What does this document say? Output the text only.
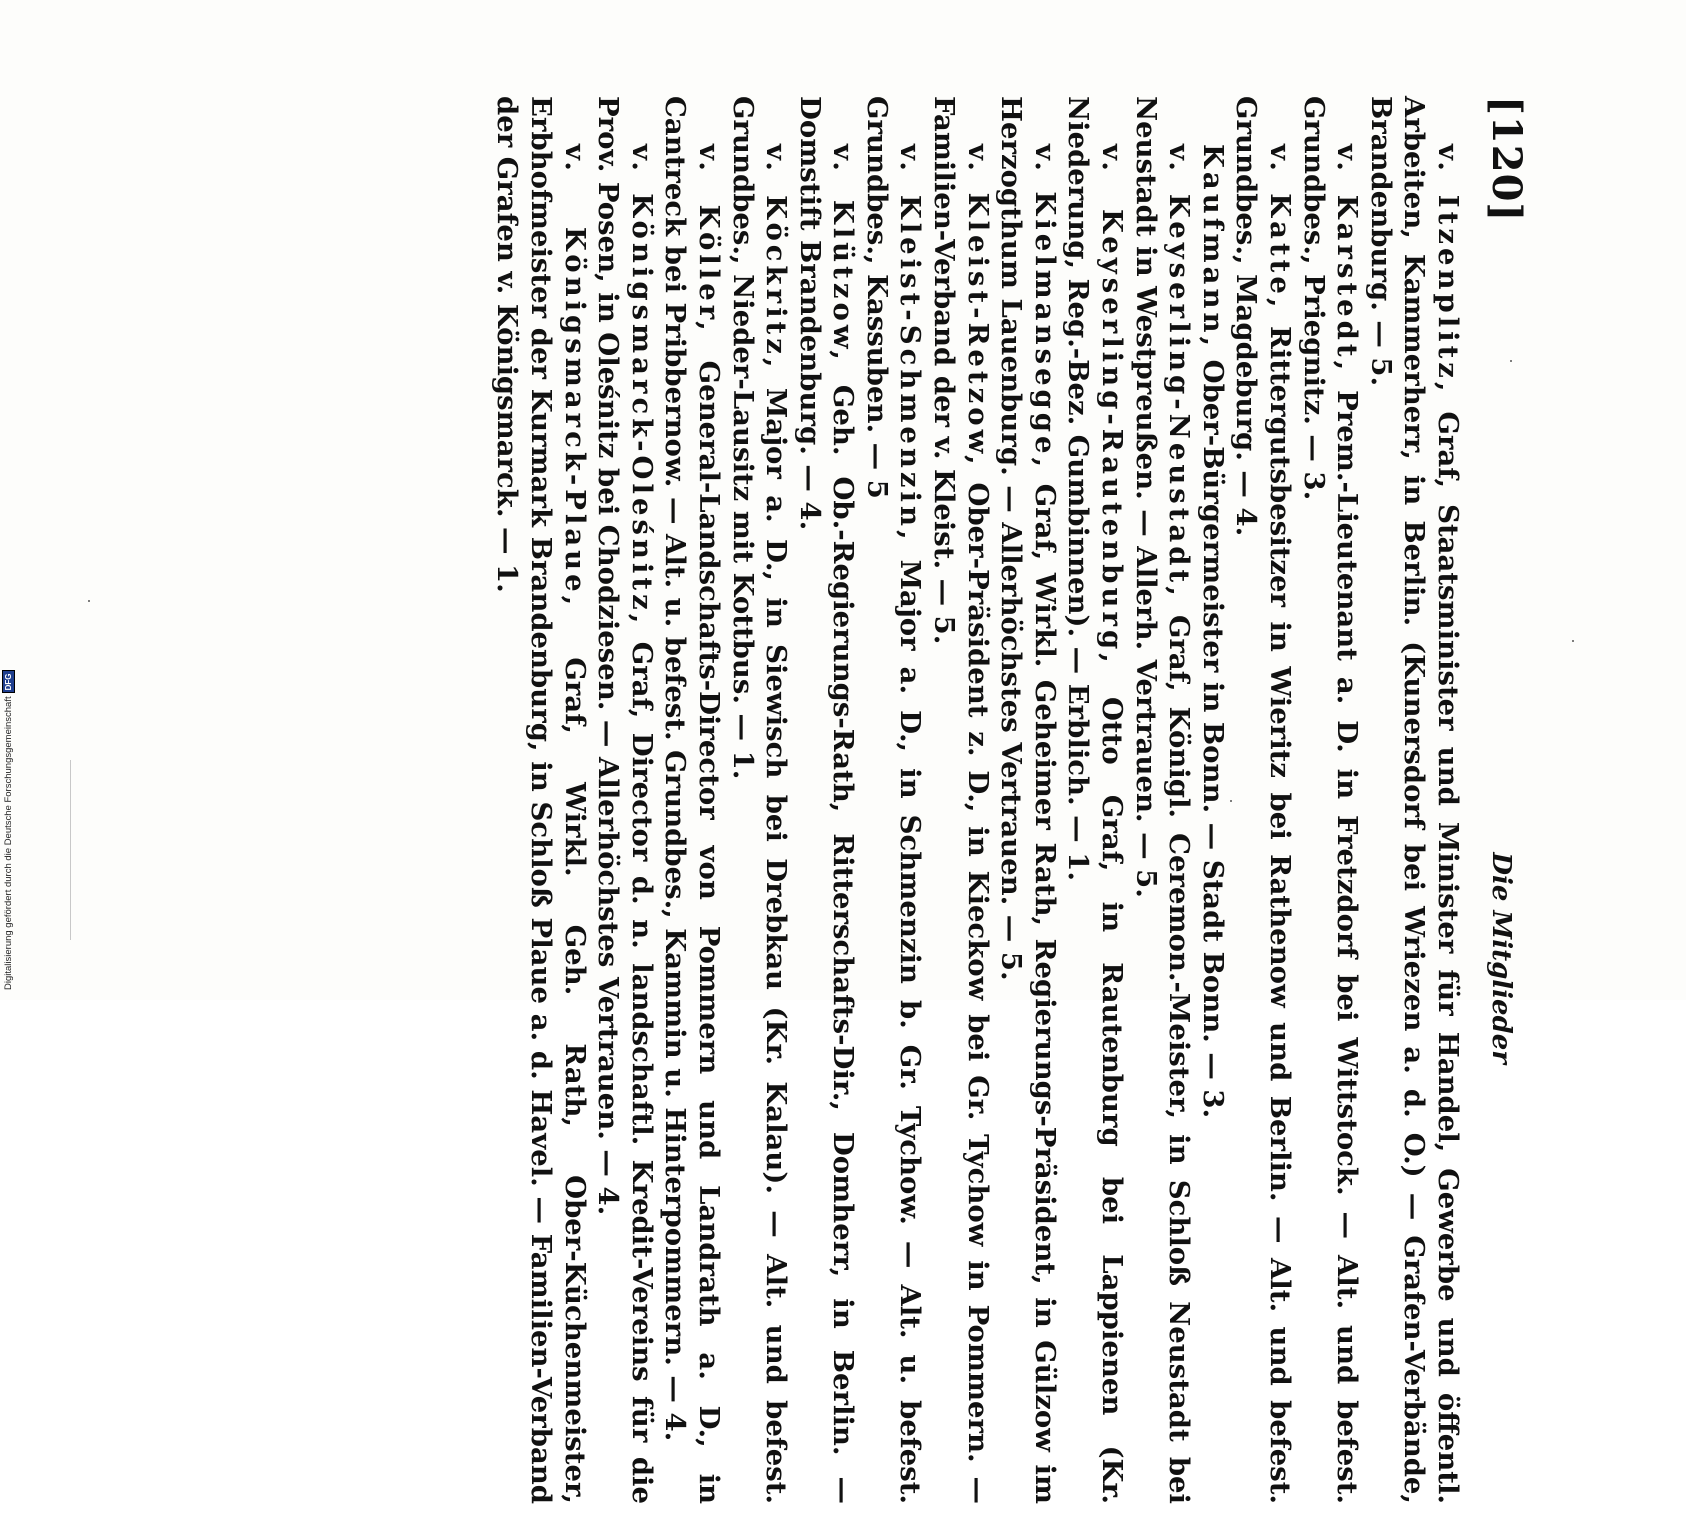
[120]
Die Mitglieder

v. Itzenplitz, Graf, Staatsminister und Minister für Handel, Gewerbe und öffentl. Arbeiten, Kammerherr, in Berlin. (Kunersdorf bei Wriezen a. d. O.) — Grafen-Verbände, Brandenburg. — 5.

v. Karstedt, Prem.-Lieutenant a. D. in Fretzdorf bei Wittstock. — Alt. und befest. Grundbes., Priegnitz. — 3.

v. Katte, Rittergutsbesitzer in Wieritz bei Rathenow und Berlin. — Alt. und befest. Grundbes., Magdeburg. — 4.

Kaufmann, Ober-Bürgermeister in Bonn. — Stadt Bonn. — 3.

v. Keyserling-Neustadt, Graf, Königl. Ceremon.-Meister, in Schloß Neustadt bei Neustadt in Westpreußen. — Allerh. Vertrauen. — 5.

v. Keyserling-Rautenburg, Otto Graf, in Rautenburg bei Lappienen (Kr. Niederung, Reg.-Bez. Gumbinnen). — Erblich. — 1.

v. Kielmansegge, Graf, Wirkl. Geheimer Rath, Regierungs-Präsident, in Gülzow im Herzogthum Lauenburg. — Allerhöchstes Vertrauen. — 5.

v. Kleist-Retzow, Ober-Präsident z. D., in Kieckow bei Gr. Tychow in Pommern. — Familien-Verband der v. Kleist. — 5.

v. Kleist-Schmenzin, Major a. D., in Schmenzin b. Gr. Tychow. — Alt. u. befest. Grundbes., Kassuben. — 5

v. Klützow, Geh. Ob.-Regierungs-Rath, Ritterschafts-Dir., Domherr, in Berlin. — Domstift Brandenburg. — 4.

v. Köckritz, Major a. D., in Siewisch bei Drebkau (Kr. Kalau). — Alt. und befest. Grundbes., Nieder-Lausitz mit Kottbus. — 1.

v. Köller, General-Landschafts-Director von Pommern und Landrath a. D., in Cantreck bei Pribbernow. — Alt. u. befest. Grundbes., Kammin u. Hinterpommern. — 4.

v. Königsmarck-Oleśnitz, Graf, Director d. n. landschaftl. Kredit-Vereins für die Prov. Posen, in Oleśnitz bei Chodziesen. — Allerhöchstes Vertrauen. — 4.

v. Königsmarck-Plaue, Graf, Wirkl. Geh. Rath, Ober-Küchenmeister, Erbhofmeister der Kurmark Brandenburg, in Schloß Plaue a. d. Havel. — Familien-Verband der Grafen v. Königsmarck. — 1.

Digitalisierung gefördert durch die Deutsche Forschungsgemeinschaft
DFG
